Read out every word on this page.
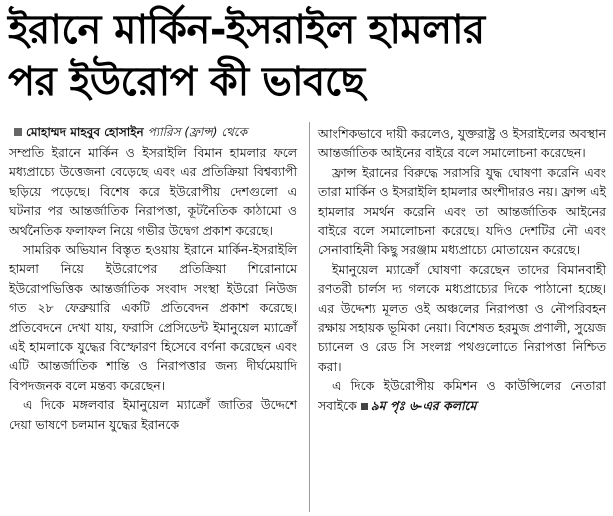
ইরানে মার্কিন-ইসরাইল হামলার
পর ইউরোপ কী ভাবছে
মোহাম্মদ মাহবুব হোসাইন প্যারিস (ফ্রান্স) থেকে

সম্প্রতি ইরানে মার্কিন ও ইসরাইলি বিমান হামলার ফলে মধ্যপ্রাচ্যে উত্তেজনা বেড়েছে এবং এর প্রতিক্রিয়া বিশ্বব্যাপী ছড়িয়ে পড়েছে। বিশেষ করে ইউরোপীয় দেশগুলো এ ঘটনার পর আন্তর্জাতিক নিরাপত্তা, কূটনৈতিক কাঠামো ও অর্থনৈতিক ফলাফল নিয়ে গভীর উদ্বেগ প্রকাশ করেছে।

সামরিক অভিযান বিস্তৃত হওয়ায় ইরানে মার্কিন-ইসরাইলি হামলা নিয়ে ইউরোপের প্রতিক্রিয়া শিরোনামে ইউরোপভিত্তিক আন্তর্জাতিক সংবাদ সংস্থা ইউরো নিউজ গত ২৮ ফেব্রুয়ারি একটি প্রতিবেদন প্রকাশ করেছে। প্রতিবেদনে দেখা যায়, ফরাসি প্রেসিডেন্ট ইমানুয়েল ম্যাক্রোঁ এই হামলাকে যুদ্ধের বিস্ফোরণ হিসেবে বর্ণনা করেছেন এবং এটি আন্তর্জাতিক শান্তি ও নিরাপত্তার জন্য দীর্ঘমেয়াদি বিপদজনক বলে মন্তব্য করেছেন।

এ দিকে মঙ্গলবার ইমানুয়েল ম্যাক্রোঁ জাতির উদ্দেশে দেয়া ভাষণে চলমান যুদ্ধের ইরানকে

আংশিকভাবে দায়ী করলেও, যুক্তরাষ্ট্র ও ইসরাইলের অবস্থান আন্তর্জাতিক আইনের বাইরে বলে সমালোচনা করেছেন।

ফ্রান্স ইরানের বিরুদ্ধে সরাসরি যুদ্ধ ঘোষণা করেনি এবং তারা মার্কিন ও ইসরাইলি হামলার অংশীদারও নয়। ফ্রান্স এই হামলার সমর্থন করেনি এবং তা আন্তর্জাতিক আইনের বাইরে বলে সমালোচনা করেছে। যদিও দেশটির নৌ এবং সেনাবাহিনী কিছু সরঞ্জাম মধ্যপ্রাচ্যে মোতায়েন করেছে।

ইমানুয়েল ম্যাক্রোঁ ঘোষণা করেছেন তাদের বিমানবাহী রণতরী চার্লস দ্য গলকে মধ্যপ্রাচ্যের দিকে পাঠানো হচ্ছে। এর উদ্দেশ্য মূলত ওই অঞ্চলের নিরাপত্তা ও নৌপরিবহন রক্ষায় সহায়ক ভূমিকা নেয়া। বিশেষত হরমুজ প্রণালী, সুয়েজ চ্যানেল ও রেড সি সংলগ্ন পথগুলোতে নিরাপত্তা নিশ্চিত করা।

এ দিকে ইউরোপীয় কমিশন ও কাউন্সিলের নেতারা সবাইকে ৯ম পৃঃ ৬-এর কলামে
